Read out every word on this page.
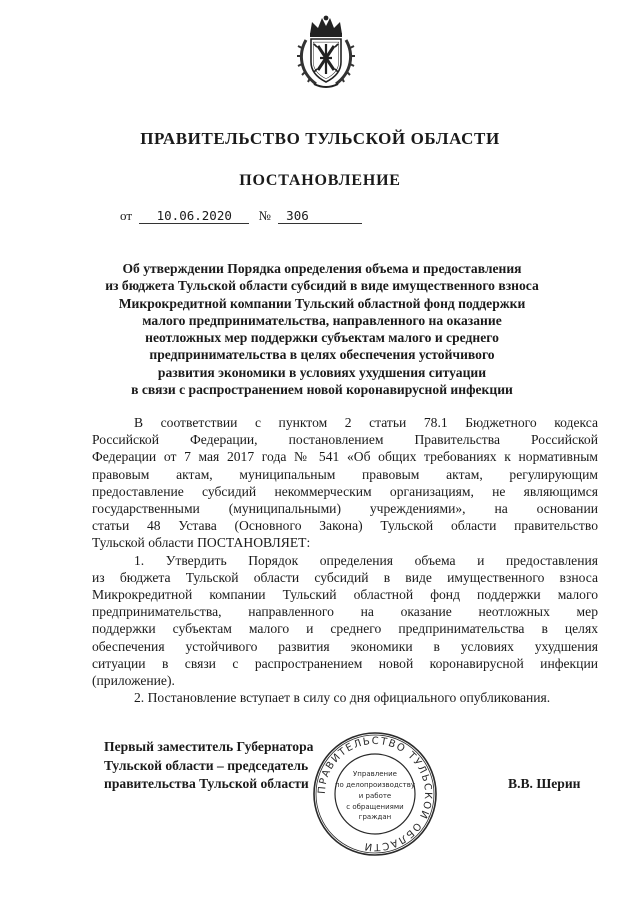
ПРАВИТЕЛЬСТВО ТУЛЬСКОЙ ОБЛАСТИ
ПОСТАНОВЛЕНИЕ
от 10.06.2020 № 306
Об утверждении Порядка определения объема и предоставления
из бюджета Тульской области субсидий в виде имущественного взноса
Микрокредитной компании Тульский областной фонд поддержки
малого предпринимательства, направленного на оказание
неотложных мер поддержки субъектам малого и среднего
предпринимательства в целях обеспечения устойчивого
развития экономики в условиях ухудшения ситуации
в связи с распространением новой коронавирусной инфекции
В соответствии с пунктом 2 статьи 78.1 Бюджетного кодекса
Российской Федерации, постановлением Правительства Российской
Федерации от 7 мая 2017 года № 541 «Об общих требованиях к нормативным
правовым актам, муниципальным правовым актам, регулирующим
предоставление субсидий некоммерческим организациям, не являющимся
государственными (муниципальными) учреждениями», на основании
статьи 48 Устава (Основного Закона) Тульской области правительство
Тульской области ПОСТАНОВЛЯЕТ:
1. Утвердить Порядок определения объема и предоставления
из бюджета Тульской области субсидий в виде имущественного взноса
Микрокредитной компании Тульский областной фонд поддержки малого
предпринимательства, направленного на оказание неотложных мер
поддержки субъектам малого и среднего предпринимательства в целях
обеспечения устойчивого развития экономики в условиях ухудшения
ситуации в связи с распространением новой коронавирусной инфекции
(приложение).
2. Постановление вступает в силу со дня официального опубликования.
Первый заместитель Губернатора
Тульской области – председатель
правительства Тульской области	В.В. Шерин
ПРАВИТЕЛЬСТВО ТУЛЬСКОЙ ОБЛАСТИ
Управление
по делопроизводству
и работе
с обращениями
граждан
